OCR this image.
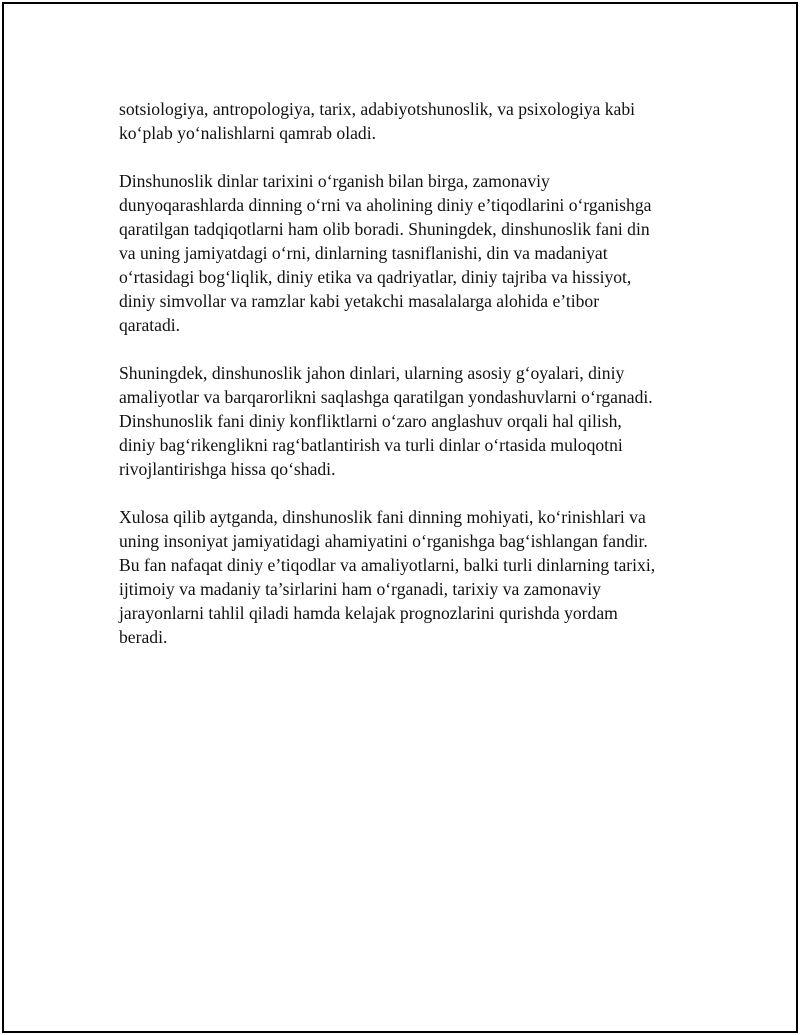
sotsiologiya, antropologiya, tarix, adabiyotshunoslik, va psixologiya kabi
ko‘plab yo‘nalishlarni qamrab oladi.

Dinshunoslik dinlar tarixini o‘rganish bilan birga, zamonaviy
dunyoqarashlarda dinning o‘rni va aholining diniy e’tiqodlarini o‘rganishga
qaratilgan tadqiqotlarni ham olib boradi. Shuningdek, dinshunoslik fani din
va uning jamiyatdagi o‘rni, dinlarning tasniflanishi, din va madaniyat
o‘rtasidagi bog‘liqlik, diniy etika va qadriyatlar, diniy tajriba va hissiyot,
diniy simvollar va ramzlar kabi yetakchi masalalarga alohida e’tibor
qaratadi.

Shuningdek, dinshunoslik jahon dinlari, ularning asosiy g‘oyalari, diniy
amaliyotlar va barqarorlikni saqlashga qaratilgan yondashuvlarni o‘rganadi.
Dinshunoslik fani diniy konfliktlarni o‘zaro anglashuv orqali hal qilish,
diniy bag‘rikenglikni rag‘batlantirish va turli dinlar o‘rtasida muloqotni
rivojlantirishga hissa qo‘shadi.

Xulosa qilib aytganda, dinshunoslik fani dinning mohiyati, ko‘rinishlari va
uning insoniyat jamiyatidagi ahamiyatini o‘rganishga bag‘ishlangan fandir.
Bu fan nafaqat diniy e’tiqodlar va amaliyotlarni, balki turli dinlarning tarixi,
ijtimoiy va madaniy ta’sirlarini ham o‘rganadi, tarixiy va zamonaviy
jarayonlarni tahlil qiladi hamda kelajak prognozlarini qurishda yordam
beradi.
